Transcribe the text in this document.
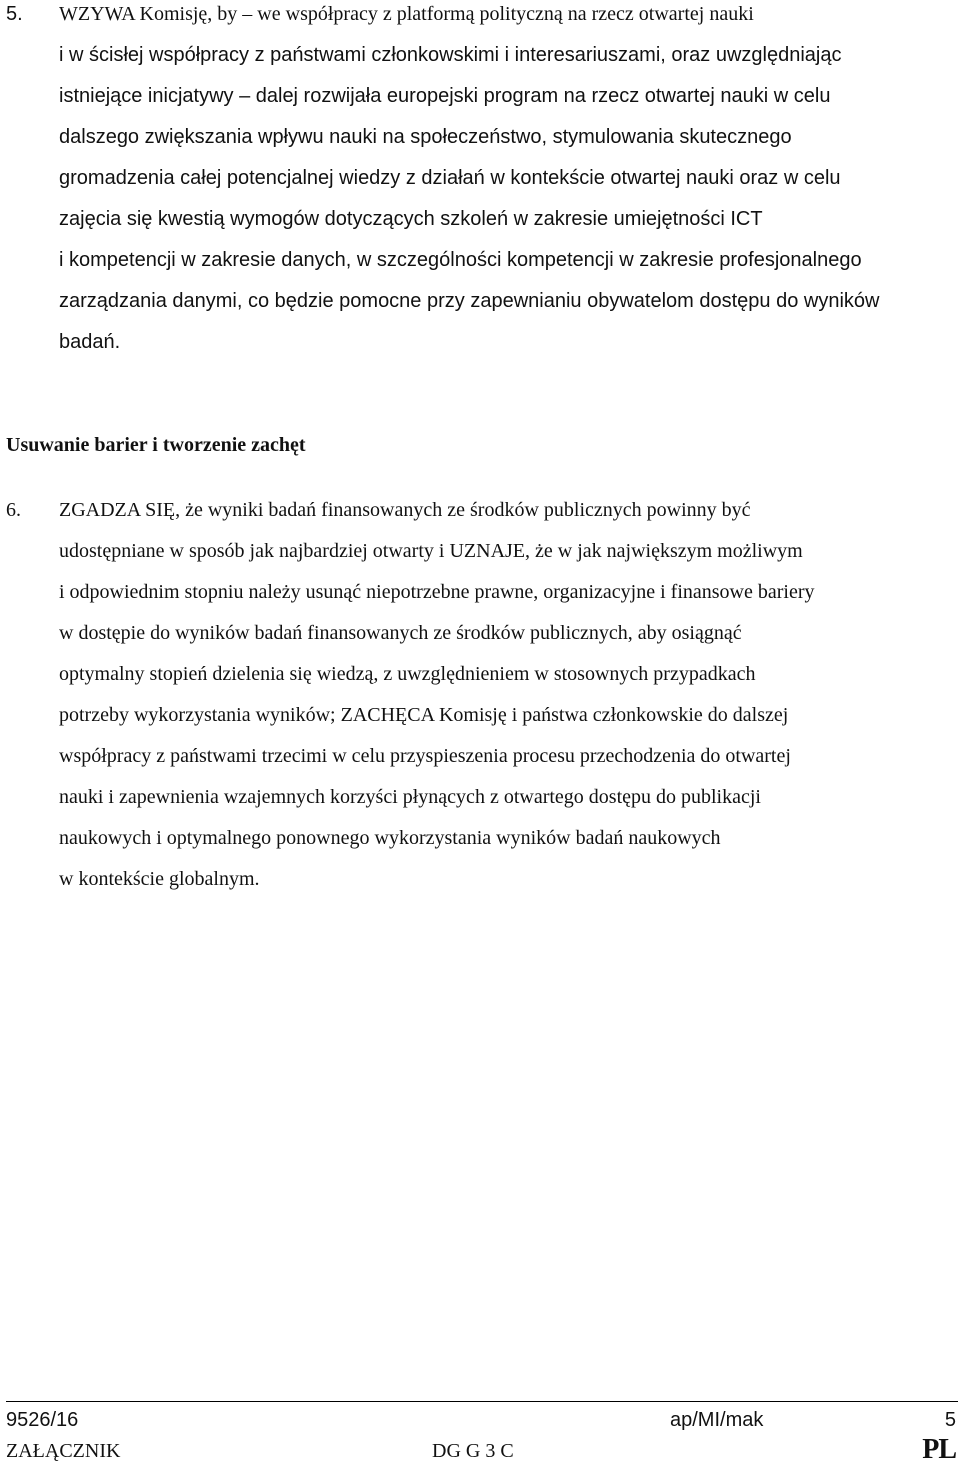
5. WZYWA Komisję, by – we współpracy z platformą polityczną na rzecz otwartej nauki
i w ścisłej współpracy z państwami członkowskimi i interesariuszami, oraz uwzględniając
istniejące inicjatywy – dalej rozwijała europejski program na rzecz otwartej nauki w celu
dalszego zwiększania wpływu nauki na społeczeństwo, stymulowania skutecznego
gromadzenia całej potencjalnej wiedzy z działań w kontekście otwartej nauki oraz w celu
zajęcia się kwestią wymogów dotyczących szkoleń w zakresie umiejętności ICT
i kompetencji w zakresie danych, w szczególności kompetencji w zakresie profesjonalnego
zarządzania danymi, co będzie pomocne przy zapewnianiu obywatelom dostępu do wyników
badań.
Usuwanie barier i tworzenie zachęt
6. ZGADZA SIĘ, że wyniki badań finansowanych ze środków publicznych powinny być
udostępniane w sposób jak najbardziej otwarty i UZNAJE, że w jak największym możliwym
i odpowiednim stopniu należy usunąć niepotrzebne prawne, organizacyjne i finansowe bariery
w dostępie do wyników badań finansowanych ze środków publicznych, aby osiągnąć
optymalny stopień dzielenia się wiedzą, z uwzględnieniem w stosownych przypadkach
potrzeby wykorzystania wyników; ZACHĘCA Komisję i państwa członkowskie do dalszej
współpracy z państwami trzecimi w celu przyspieszenia procesu przechodzenia do otwartej
nauki i zapewnienia wzajemnych korzyści płynących z otwartego dostępu do publikacji
naukowych i optymalnego ponownego wykorzystania wyników badań naukowych
w kontekście globalnym.
9526/16	ap/MI/mak	5
ZAŁĄCZNIK	DG G 3 C	PL
